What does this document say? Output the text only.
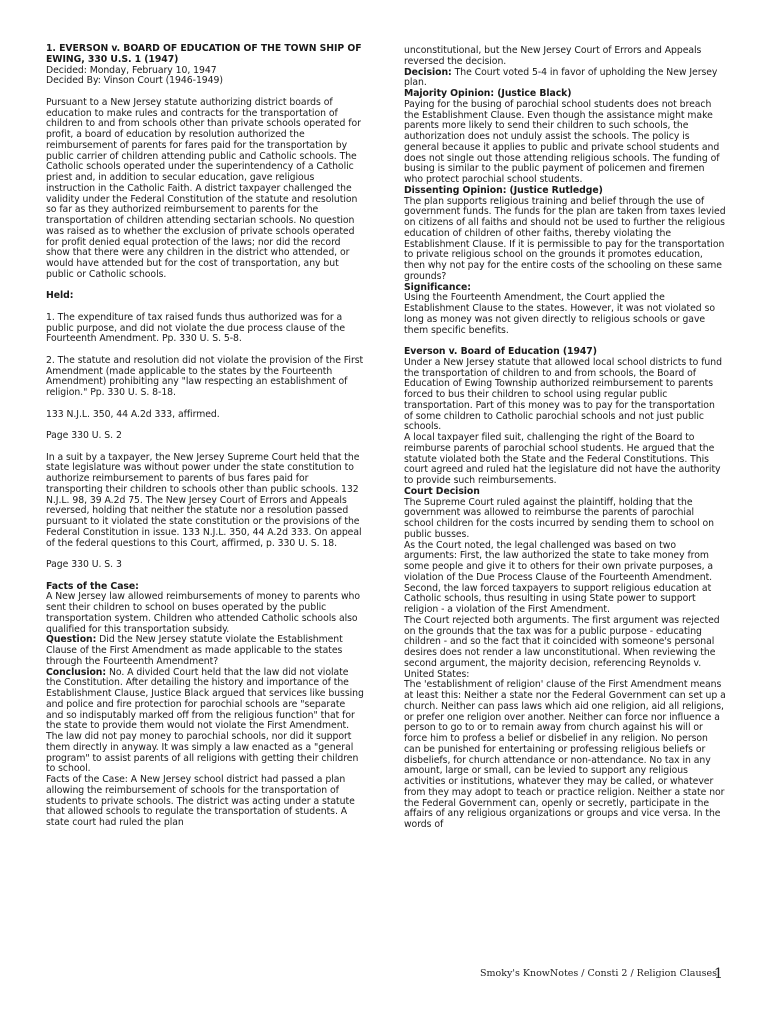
1. EVERSON v. BOARD OF EDUCATION OF THE TOWN SHIP OF EWING, 330 U.S. 1 (1947)

Decided: Monday, February 10, 1947

Decided By: Vinson Court (1946-1949)

Pursuant to a New Jersey statute authorizing district boards of education to make rules and contracts for the transportation of children to and from schools other than private schools operated for profit, a board of education by resolution authorized the reimbursement of parents for fares paid for the transportation by public carrier of children attending public and Catholic schools. The Catholic schools operated under the superintendency of a Catholic priest and, in addition to secular education, gave religious instruction in the Catholic Faith. A district taxpayer challenged the validity under the Federal Constitution of the statute and resolution so far as they authorized reimbursement to parents for the transportation of children attending sectarian schools. No question was raised as to whether the exclusion of private schools operated for profit denied equal protection of the laws; nor did the record show that there were any children in the district who attended, or would have attended but for the cost of transportation, any but public or Catholic schools.

Held:

1. The expenditure of tax raised funds thus authorized was for a public purpose, and did not violate the due process clause of the Fourteenth Amendment. Pp. 330 U. S. 5-8.

2. The statute and resolution did not violate the provision of the First Amendment (made applicable to the states by the Fourteenth Amendment) prohibiting any "law respecting an establishment of religion." Pp. 330 U. S. 8-18.

133 N.J.L. 350, 44 A.2d 333, affirmed.

Page 330 U. S. 2

In a suit by a taxpayer, the New Jersey Supreme Court held that the state legislature was without power under the state constitution to authorize reimbursement to parents of bus fares paid for transporting their children to schools other than public schools. 132 N.J.L. 98, 39 A.2d 75. The New Jersey Court of Errors and Appeals reversed, holding that neither the statute nor a resolution passed pursuant to it violated the state constitution or the provisions of the Federal Constitution in issue. 133 N.J.L. 350, 44 A.2d 333. On appeal of the federal questions to this Court, affirmed, p. 330 U. S. 18.

Page 330 U. S. 3

Facts of the Case:

A New Jersey law allowed reimbursements of money to parents who sent their children to school on buses operated by the public transportation system. Children who attended Catholic schools also qualified for this transportation subsidy.

Question: Did the New Jersey statute violate the Establishment Clause of the First Amendment as made applicable to the states through the Fourteenth Amendment?

Conclusion: No. A divided Court held that the law did not violate the Constitution. After detailing the history and importance of the Establishment Clause, Justice Black argued that services like bussing and police and fire protection for parochial schools are "separate and so indisputably marked off from the religious function" that for the state to provide them would not violate the First Amendment. The law did not pay money to parochial schools, nor did it support them directly in anyway. It was simply a law enacted as a "general program" to assist parents of all religions with getting their children to school.

Facts of the Case: A New Jersey school district had passed a plan allowing the reimbursement of schools for the transportation of students to private schools. The district was acting under a statute that allowed schools to regulate the transportation of students. A state court had ruled the plan

unconstitutional, but the New Jersey Court of Errors and Appeals reversed the decision.

Decision: The Court voted 5-4 in favor of upholding the New Jersey plan.

Majority Opinion: (Justice Black)

Paying for the busing of parochial school students does not breach the Establishment Clause. Even though the assistance might make parents more likely to send their children to such schools, the authorization does not unduly assist the schools. The policy is general because it applies to public and private school students and does not single out those attending religious schools. The funding of busing is similar to the public payment of policemen and firemen who protect parochial school students.

Dissenting Opinion: (Justice Rutledge)

The plan supports religious training and belief through the use of government funds. The funds for the plan are taken from taxes levied on citizens of all faiths and should not be used to further the religious education of children of other faiths, thereby violating the Establishment Clause. If it is permissible to pay for the transportation to private religious school on the grounds it promotes education, then why not pay for the entire costs of the schooling on these same grounds?

Significance:

Using the Fourteenth Amendment, the Court applied the Establishment Clause to the states. However, it was not violated so long as money was not given directly to religious schools or gave them specific benefits.

Everson v. Board of Education (1947)

Under a New Jersey statute that allowed local school districts to fund the transportation of children to and from schools, the Board of Education of Ewing Township authorized reimbursement to parents forced to bus their children to school using regular public transportation. Part of this money was to pay for the transportation of some children to Catholic parochial schools and not just public schools.

A local taxpayer filed suit, challenging the right of the Board to reimburse parents of parochial school students. He argued that the statute violated both the State and the Federal Constitutions. This court agreed and ruled hat the legislature did not have the authority to provide such reimbursements.

Court Decision

The Supreme Court ruled against the plaintiff, holding that the government was allowed to reimburse the parents of parochial school children for the costs incurred by sending them to school on public busses.

As the Court noted, the legal challenged was based on two arguments: First, the law authorized the state to take money from some people and give it to others for their own private purposes, a violation of the Due Process Clause of the Fourteenth Amendment. Second, the law forced taxpayers to support religious education at Catholic schools, thus resulting in using State power to support religion - a violation of the First Amendment.

The Court rejected both arguments. The first argument was rejected on the grounds that the tax was for a public purpose - educating children - and so the fact that it coincided with someone's personal desires does not render a law unconstitutional. When reviewing the second argument, the majority decision, referencing Reynolds v. United States:

The 'establishment of religion' clause of the First Amendment means at least this: Neither a state nor the Federal Government can set up a church. Neither can pass laws which aid one religion, aid all religions, or prefer one religion over another. Neither can force nor influence a person to go to or to remain away from church against his will or force him to profess a belief or disbelief in any religion. No person can be punished for entertaining or professing religious beliefs or disbeliefs, for church attendance or non-attendance. No tax in any amount, large or small, can be levied to support any religious activities or institutions, whatever they may be called, or whatever from they may adopt to teach or practice religion. Neither a state nor the Federal Government can, openly or secretly, participate in the affairs of any religious organizations or groups and vice versa. In the words of

Smoky's KnowNotes / Consti 2 / Religion Clauses
1
